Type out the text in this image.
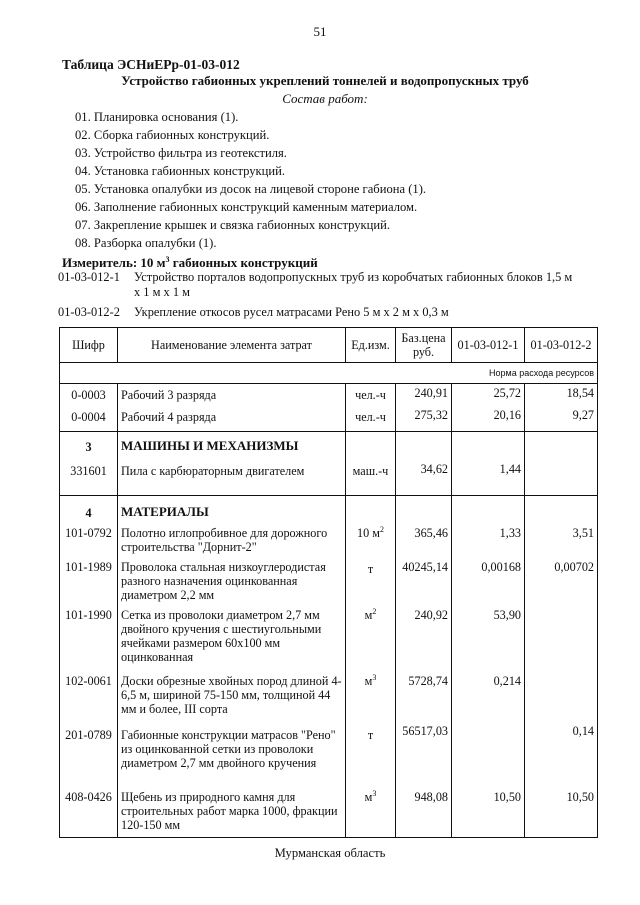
51
Таблица ЭСНиЕРр-01-03-012
Устройство габионных укреплений тоннелей и водопропускных труб
Состав работ:
01. Планировка основания (1).
02. Сборка габионных конструкций.
03. Устройство фильтра из геотекстиля.
04. Установка габионных конструкций.
05. Установка опалубки из досок на лицевой стороне габиона (1).
06. Заполнение габионных конструкций каменным материалом.
07. Закрепление крышек и связка габионных конструкций.
08. Разборка опалубки (1).
Измеритель: 10 $м^3$ габионных конструкций
01-03-012-1 Устройство порталов водопропускных труб из коробчатых габионных блоков 1,5 м
х 1 м х 1 м
01-03-012-2 Укрепление откосов русел матрасами Рено 5 м х 2 м х 0,3 м
Шифр	Наименование элемента затрат	Ед.изм.	Баз.цена руб.	01-03-012-1	01-03-012-2
Норма расхода ресурсов					
0-0003	Рабочий 3 разряда	чел.-ч	240,91	25,72	18,54
0-0004	Рабочий 4 разряда	чел.-ч	275,32	20,16	9,27
3	МАШИНЫ И МЕХАНИЗМЫ				
331601	Пила с карбюраторным двигателем	маш.-ч	34,62	1,44	
4	МАТЕРИАЛЫ				
101-0792	Полотно иглопробивное для дорожного строительства "Дорнит-2"	10 $м^2$	365,46	1,33	3,51
101-1989	Проволока стальная низкоуглеродистая разного назначения оцинкованная диаметром 2,2 мм	т	40245,14	0,00168	0,00702
101-1990	Сетка из проволоки диаметром 2,7 мм двойного кручения с шестиугольными ячейками размером 60х100 мм оцинкованная	$м^2$	240,92	53,90	
102-0061	Доски обрезные хвойных пород длиной 4-6,5 м, шириной 75-150 мм, толщиной 44 мм и более, III сорта	$м^3$	5728,74	0,214	
201-0789	Габионные конструкции матрасов "Рено" из оцинкованной сетки из проволоки диаметром 2,7 мм двойного кручения	т	56517,03		0,14
408-0426	Щебень из природного камня для строительных работ марка 1000, фракции 120-150 мм	$м^3$	948,08	10,50	10,50
Мурманская область
